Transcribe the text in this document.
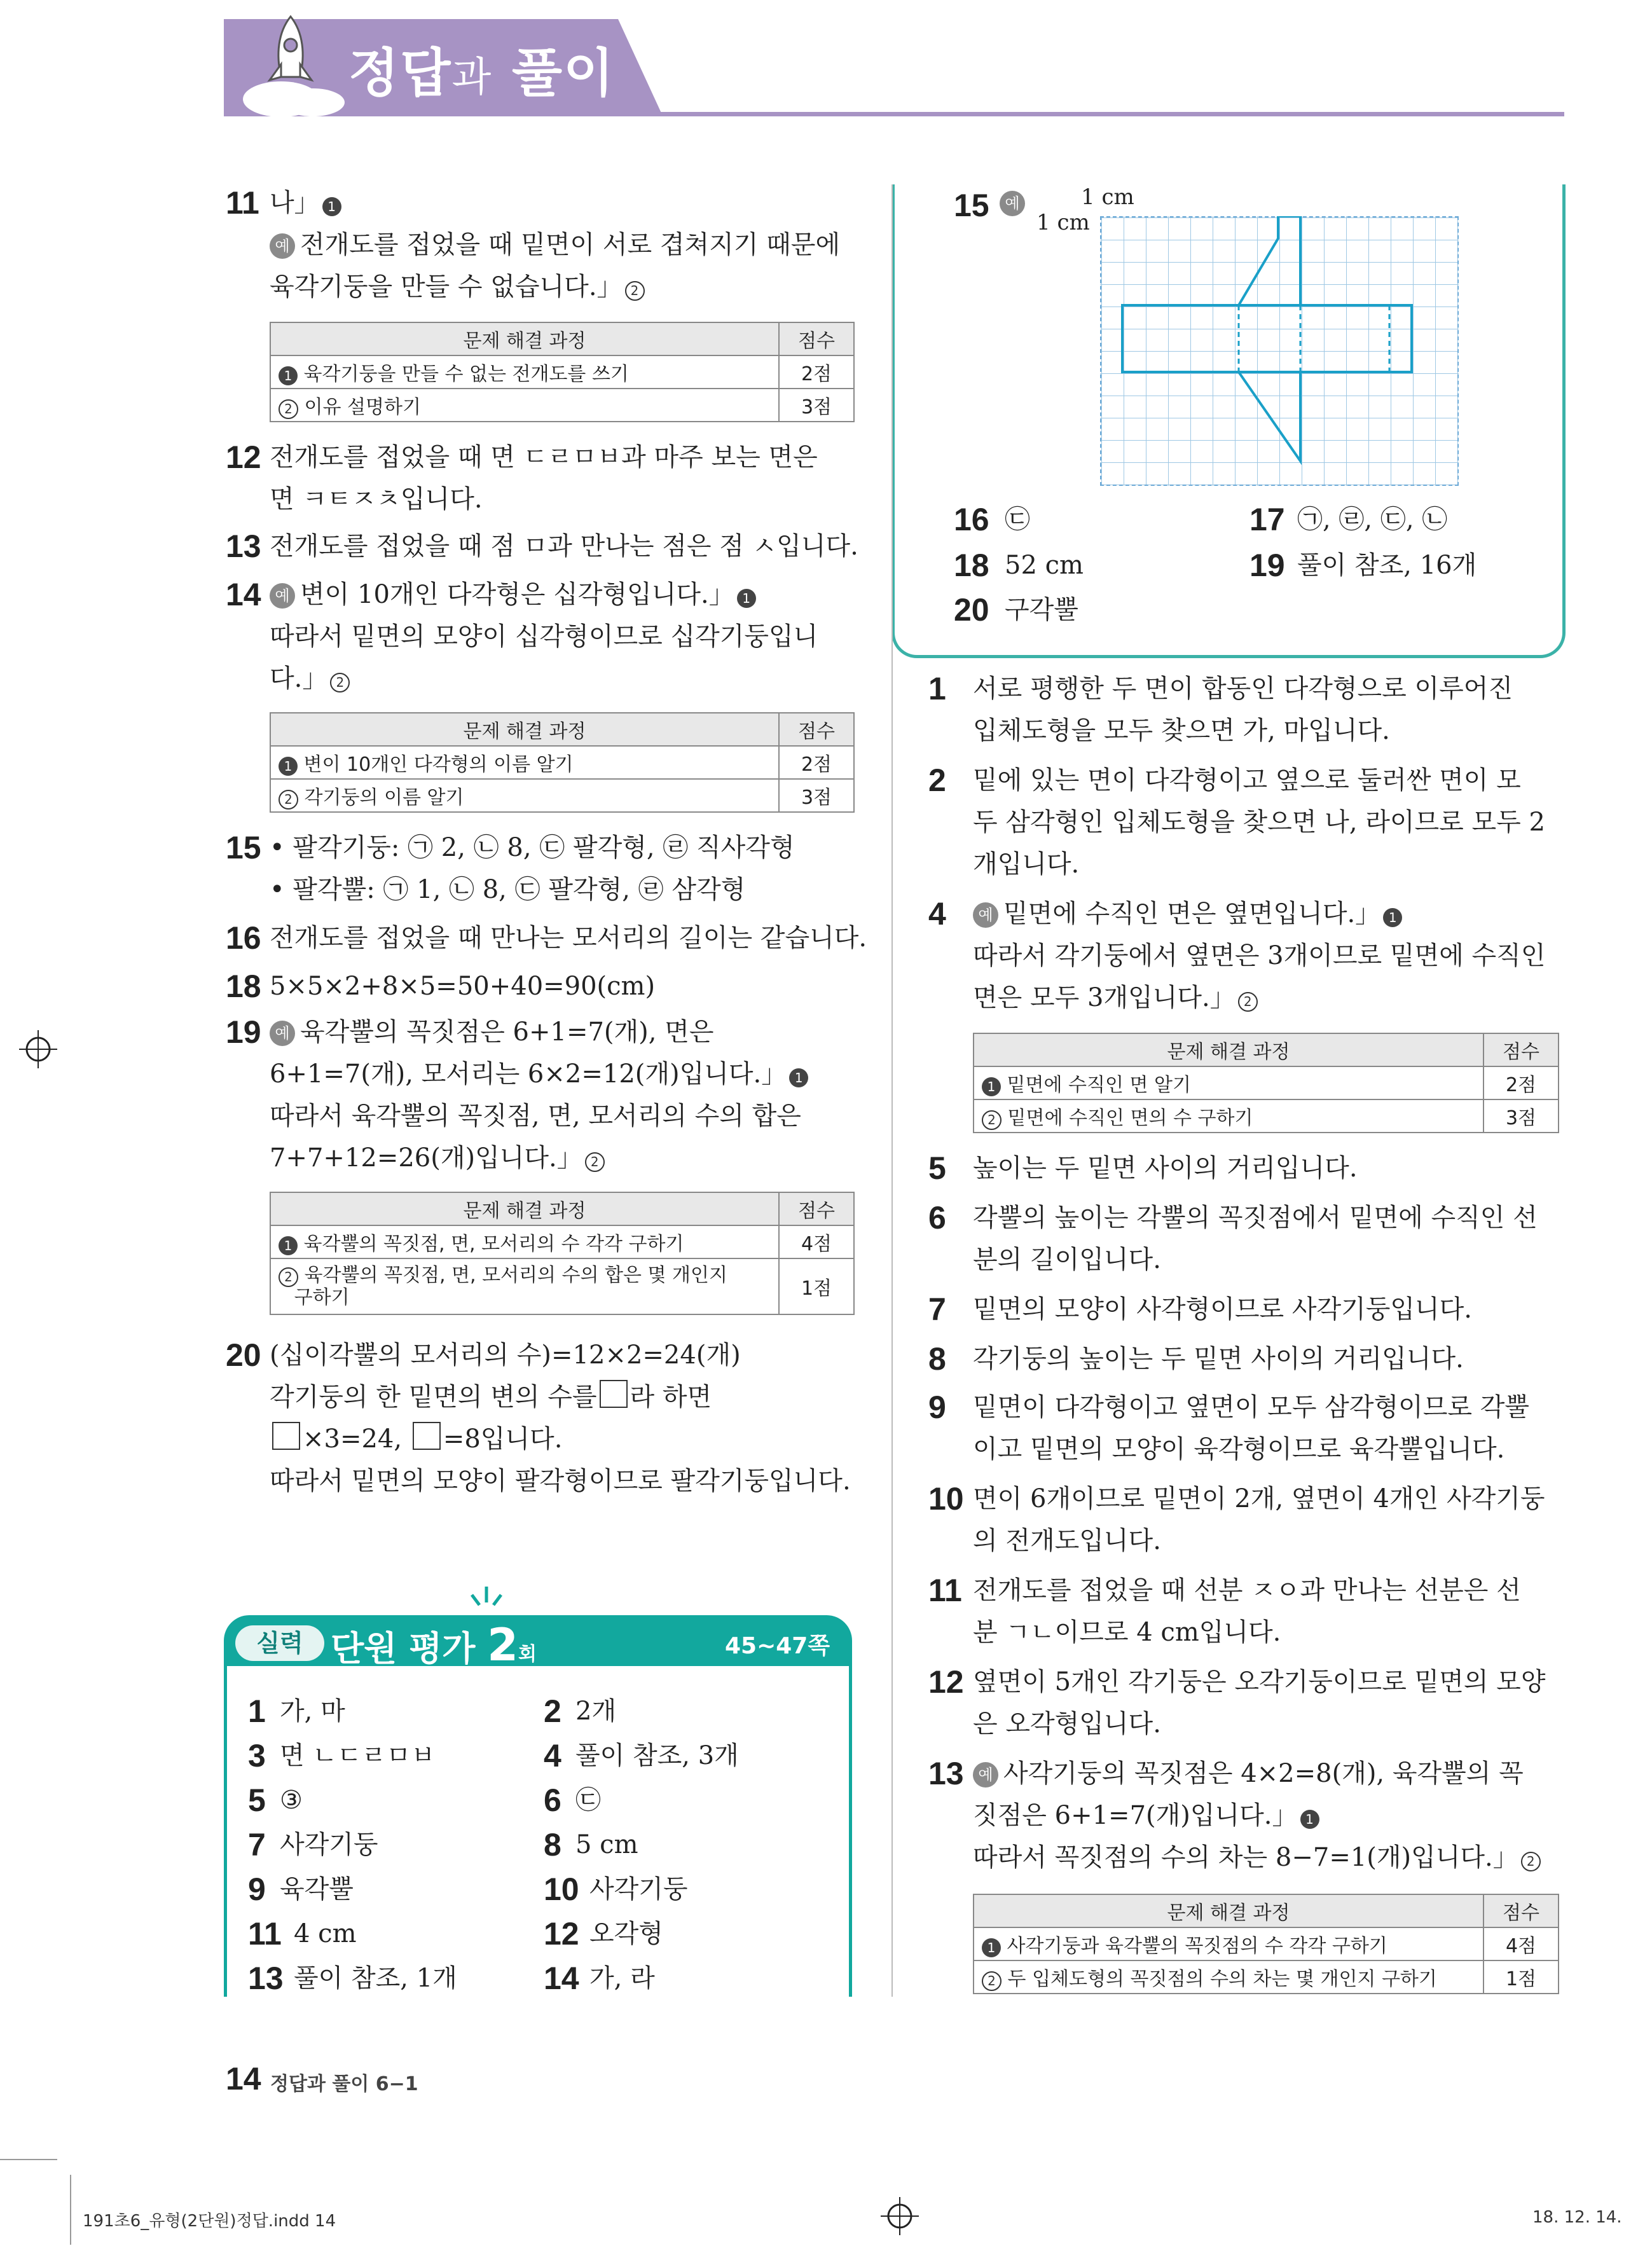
정답과 풀이
11 나」 1
예 전개도를 접었을 때 밑면이 서로 겹쳐지기 때문에
육각기둥을 만들 수 없습니다.」 2
문제 해결 과정	점수
1 육각기둥을 만들 수 없는 전개도를 쓰기	2점
2 이유 설명하기	3점
12 전개도를 접었을 때 면 ㄷㄹㅁㅂ과 마주 보는 면은
면 ㅋㅌㅈㅊ입니다.
13 전개도를 접었을 때 점 ㅁ과 만나는 점은 점 ㅅ입니다.
14 예 변이 10개인 다각형은 십각형입니다.」 1
따라서 밑면의 모양이 십각형이므로 십각기둥입니
다.」 2
문제 해결 과정	점수
1 변이 10개인 다각형의 이름 알기	2점
2 각기둥의 이름 알기	3점
15 • 팔각기둥: ㉠ 2, ㉡ 8, ㉢ 팔각형, ㉣ 직사각형
• 팔각뿔: ㉠ 1, ㉡ 8, ㉢ 팔각형, ㉣ 삼각형
16 전개도를 접었을 때 만나는 모서리의 길이는 같습니다.
18 5×5×2+8×5=50+40=90(cm)
19 예 육각뿔의 꼭짓점은 6+1=7(개), 면은
6+1=7(개), 모서리는 6×2=12(개)입니다.」 1
따라서 육각뿔의 꼭짓점, 면, 모서리의 수의 합은
7+7+12=26(개)입니다.」 2
문제 해결 과정	점수
1 육각뿔의 꼭짓점, 면, 모서리의 수 각각 구하기	4점
2 육각뿔의 꼭짓점, 면, 모서리의 수의 합은 몇 개인지
구하기	1점
20 (십이각뿔의 모서리의 수)=12×2=24(개)
각기둥의 한 밑면의 변의 수를 라 하면
×3=24, =8입니다.
따라서 밑면의 모양이 팔각형이므로 팔각기둥입니다.
실력 단원 평가 2회	45~47쪽
1 가, 마	2 2개
3 면 ㄴㄷㄹㅁㅂ	4 풀이 참조, 3개
5 ③	6 ㉢
7 사각기둥	8 5 cm
9 육각뿔	10 사각기둥
11 4 cm	12 오각형
13 풀이 참조, 1개	14 가, 라
15	예	1 cm
1 cm
16 ㉢	17 ㉠, ㉣, ㉢, ㉡
18 52 cm	19 풀이 참조, 16개
20 구각뿔
1 서로 평행한 두 면이 합동인 다각형으로 이루어진
입체도형을 모두 찾으면 가, 마입니다.
2 밑에 있는 면이 다각형이고 옆으로 둘러싼 면이 모
두 삼각형인 입체도형을 찾으면 나, 라이므로 모두 2
개입니다.
4	예 밑면에 수직인 면은 옆면입니다.」 1
따라서 각기둥에서 옆면은 3개이므로 밑면에 수직인
면은 모두 3개입니다.」 2
문제 해결 과정	점수
1 밑면에 수직인 면 알기	2점
2 밑면에 수직인 면의 수 구하기	3점
5 높이는 두 밑면 사이의 거리입니다.
6 각뿔의 높이는 각뿔의 꼭짓점에서 밑면에 수직인 선
분의 길이입니다.
7 밑면의 모양이 사각형이므로 사각기둥입니다.
8 각기둥의 높이는 두 밑면 사이의 거리입니다.
9 밑면이 다각형이고 옆면이 모두 삼각형이므로 각뿔
이고 밑면의 모양이 육각형이므로 육각뿔입니다.
10 면이 6개이므로 밑면이 2개, 옆면이 4개인 사각기둥
의 전개도입니다.
11 전개도를 접었을 때 선분 ㅈㅇ과 만나는 선분은 선
분 ㄱㄴ이므로 4 cm입니다.
12 옆면이 5개인 각기둥은 오각기둥이므로 밑면의 모양
은 오각형입니다.
13 예 사각기둥의 꼭짓점은 4×2=8(개), 육각뿔의 꼭
짓점은 6+1=7(개)입니다.」 1
따라서 꼭짓점의 수의 차는 8−7=1(개)입니다.」 2
문제 해결 과정	점수
1 사각기둥과 육각뿔의 꼭짓점의 수 각각 구하기	4점
2 두 입체도형의 꼭짓점의 수의 차는 몇 개인지 구하기	1점
14 정답과 풀이 6−1
191초6_유형(2단원)정답.indd 14	18. 12. 14.
